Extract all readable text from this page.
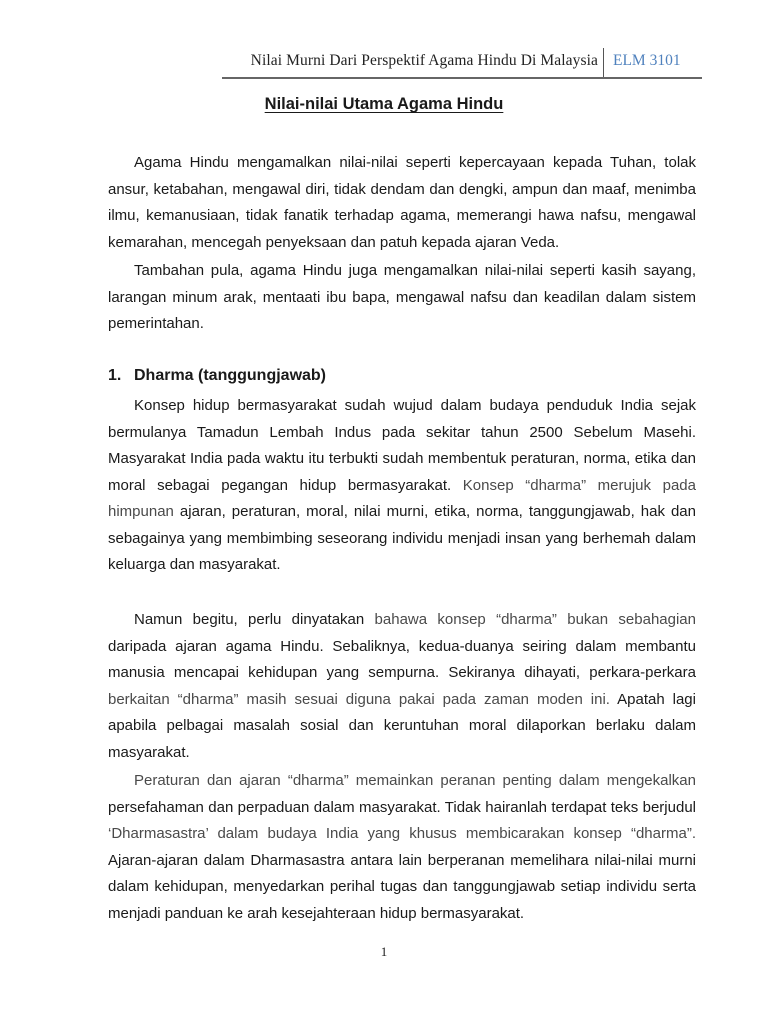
Nilai Murni Dari Perspektif Agama Hindu Di Malaysia ELM 3101
Nilai-nilai Utama Agama Hindu

Agama Hindu mengamalkan nilai-nilai seperti kepercayaan kepada Tuhan, tolak ansur, ketabahan, mengawal diri, tidak dendam dan dengki, ampun dan maaf, menimba ilmu, kemanusiaan, tidak fanatik terhadap agama, memerangi hawa nafsu, mengawal kemarahan, mencegah penyeksaan dan patuh kepada ajaran Veda.

Tambahan pula, agama Hindu juga mengamalkan nilai-nilai seperti kasih sayang, larangan minum arak, mentaati ibu bapa, mengawal nafsu dan keadilan dalam sistem pemerintahan.

1. Dharma (tanggungjawab)

Konsep hidup bermasyarakat sudah wujud dalam budaya penduduk India sejak bermulanya Tamadun Lembah Indus pada sekitar tahun 2500 Sebelum Masehi. Masyarakat India pada waktu itu terbukti sudah membentuk peraturan, norma, etika dan moral sebagai pegangan hidup bermasyarakat. Konsep “dharma” merujuk pada himpunan ajaran, peraturan, moral, nilai murni, etika, norma, tanggungjawab, hak dan sebagainya yang membimbing seseorang individu menjadi insan yang berhemah dalam keluarga dan masyarakat.

Namun begitu, perlu dinyatakan bahawa konsep “dharma” bukan sebahagian daripada ajaran agama Hindu. Sebaliknya, kedua-duanya seiring dalam membantu manusia mencapai kehidupan yang sempurna. Sekiranya dihayati, perkara-perkara berkaitan “dharma” masih sesuai diguna pakai pada zaman moden ini. Apatah lagi apabila pelbagai masalah sosial dan keruntuhan moral dilaporkan berlaku dalam masyarakat.

Peraturan dan ajaran “dharma” memainkan peranan penting dalam mengekalkan persefahaman dan perpaduan dalam masyarakat. Tidak hairanlah terdapat teks berjudul ‘Dharmasastra’ dalam budaya India yang khusus membicarakan konsep “dharma”. Ajaran-ajaran dalam Dharmasastra antara lain berperanan memelihara nilai-nilai murni dalam kehidupan, menyedarkan perihal tugas dan tanggungjawab setiap individu serta menjadi panduan ke arah kesejahteraan hidup bermasyarakat.

1
